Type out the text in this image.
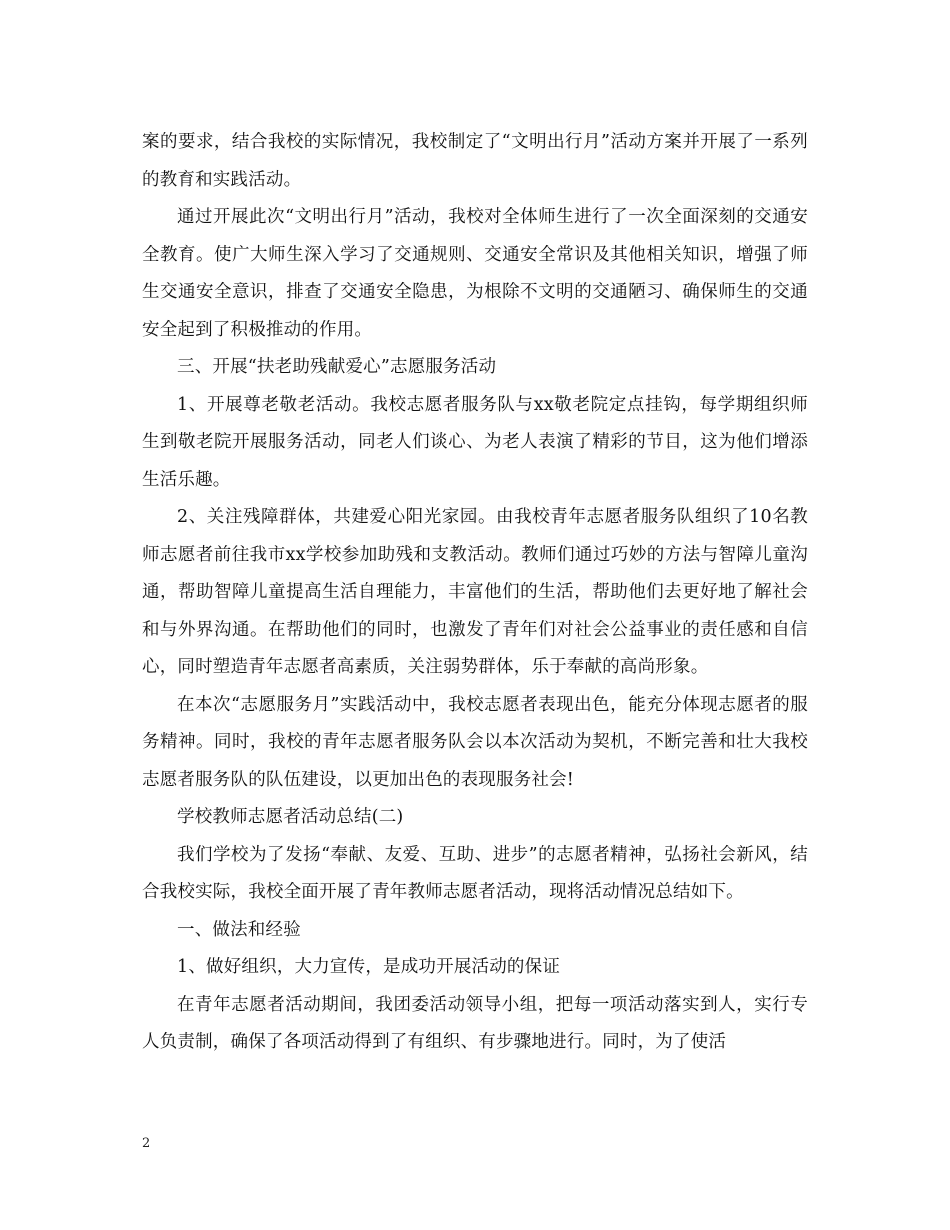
案的要求，结合我校的实际情况，我校制定了“文明出行月”活动方案并开展了一系列的教育和实践活动。

通过开展此次“文明出行月”活动，我校对全体师生进行了一次全面深刻的交通安全教育。使广大师生深入学习了交通规则、交通安全常识及其他相关知识，增强了师生交通安全意识，排查了交通安全隐患，为根除不文明的交通陋习、确保师生的交通安全起到了积极推动的作用。

三、开展“扶老助残献爱心”志愿服务活动

1、开展尊老敬老活动。我校志愿者服务队与xx敬老院定点挂钩，每学期组织师生到敬老院开展服务活动，同老人们谈心、为老人表演了精彩的节目，这为他们增添生活乐趣。

2、关注残障群体，共建爱心阳光家园。由我校青年志愿者服务队组织了10名教师志愿者前往我市xx学校参加助残和支教活动。教师们通过巧妙的方法与智障儿童沟通，帮助智障儿童提高生活自理能力，丰富他们的生活，帮助他们去更好地了解社会和与外界沟通。在帮助他们的同时，也激发了青年们对社会公益事业的责任感和自信心，同时塑造青年志愿者高素质，关注弱势群体，乐于奉献的高尚形象。

在本次“志愿服务月”实践活动中，我校志愿者表现出色，能充分体现志愿者的服务精神。同时，我校的青年志愿者服务队会以本次活动为契机，不断完善和壮大我校志愿者服务队的队伍建设，以更加出色的表现服务社会!

学校教师志愿者活动总结(二)

我们学校为了发扬“奉献、友爱、互助、进步”的志愿者精神，弘扬社会新风，结合我校实际，我校全面开展了青年教师志愿者活动，现将活动情况总结如下。

一、做法和经验

1、做好组织，大力宣传，是成功开展活动的保证

在青年志愿者活动期间，我团委活动领导小组，把每一项活动落实到人，实行专人负责制，确保了各项活动得到了有组织、有步骤地进行。同时，为了使活

2
